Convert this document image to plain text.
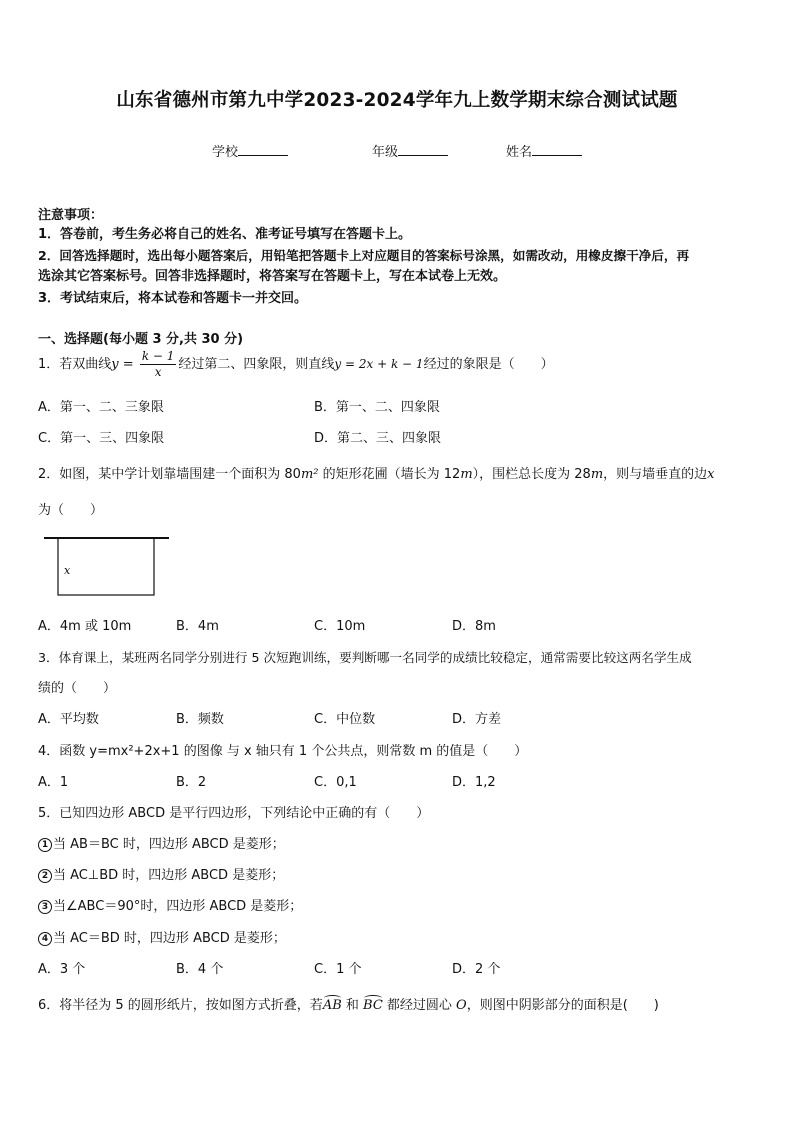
山东省德州市第九中学2023-2024学年九上数学期末综合测试试题
学校	年级	姓名
注意事项：
1．答卷前，考生务必将自己的姓名、准考证号填写在答题卡上。
2．回答选择题时，选出每小题答案后，用铅笔把答题卡上对应题目的答案标号涂黑，如需改动，用橡皮擦干净后，再
选涂其它答案标号。回答非选择题时，将答案写在答题卡上，写在本试卷上无效。
3．考试结束后，将本试卷和答题卡一并交回。
一、选择题(每小题 3 分,共 30 分)
1．若双曲线$y = \frac{k - 1}{x}$ 经过第二、四象限，则直线y = 2x + k − 1经过的象限是（　　）
A．第一、二、三象限	B．第一、二、四象限
C．第一、三、四象限	D．第二、三、四象限
2．如图，某中学计划靠墙围建一个面积为 80m² 的矩形花圃（墙长为 12m），围栏总长度为 28m，则与墙垂直的边x
为（　　）
x
A．4m 或 10m	B．4m	C．10m	D．8m
3．体育课上，某班两名同学分别进行 5 次短跑训练，要判断哪一名同学的成绩比较稳定，通常需要比较这两名学生成
绩的（　　）
A．平均数	B．频数	C．中位数	D．方差
4．函数 y=mx²+2x+1 的图像 与 x 轴只有 1 个公共点，则常数 m 的值是（　　）
A．1	B．2	C．0,1	D．1,2
5．已知四边形 ABCD 是平行四边形，下列结论中正确的有（　　）
1 当 AB＝BC 时，四边形 ABCD 是菱形；
2 当 AC⊥BD 时，四边形 ABCD 是菱形；
3 当∠ABC＝90°时，四边形 ABCD 是菱形；
4 当 AC＝BD 时，四边形 ABCD 是菱形；
A．3 个	B．4 个	C．1 个	D．2 个
6．将半径为 5 的圆形纸片，按如图方式折叠，若AB 和 BC 都经过圆心 O，则图中阴影部分的面积是(　　)
